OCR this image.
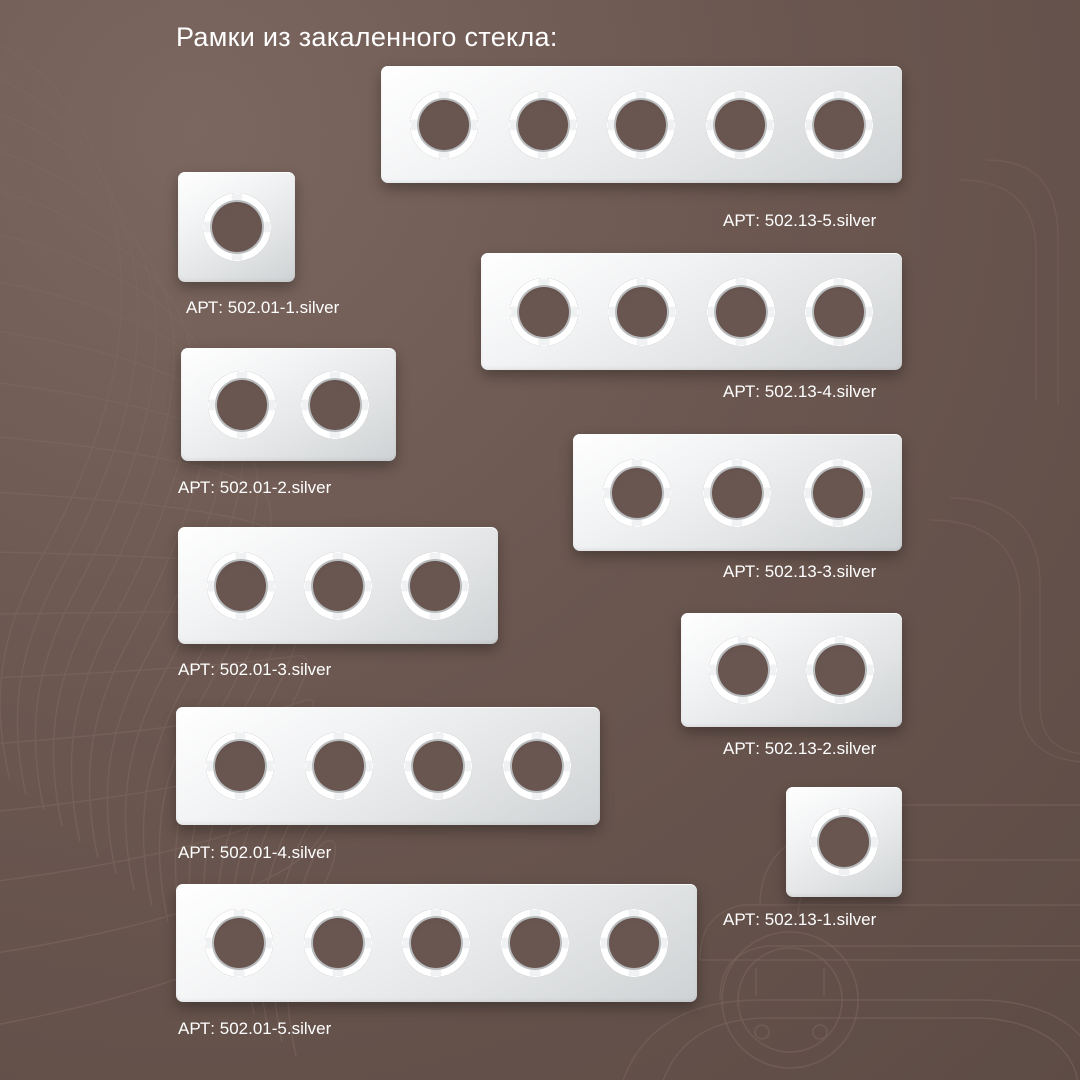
Рамки из закаленного стекла:
АРТ: 502.13-5.silver
АРТ: 502.01-1.silver
АРТ: 502.13-4.silver
АРТ: 502.01-2.silver
АРТ: 502.13-3.silver
АРТ: 502.01-3.silver
АРТ: 502.13-2.silver
АРТ: 502.01-4.silver
АРТ: 502.13-1.silver
АРТ: 502.01-5.silver
